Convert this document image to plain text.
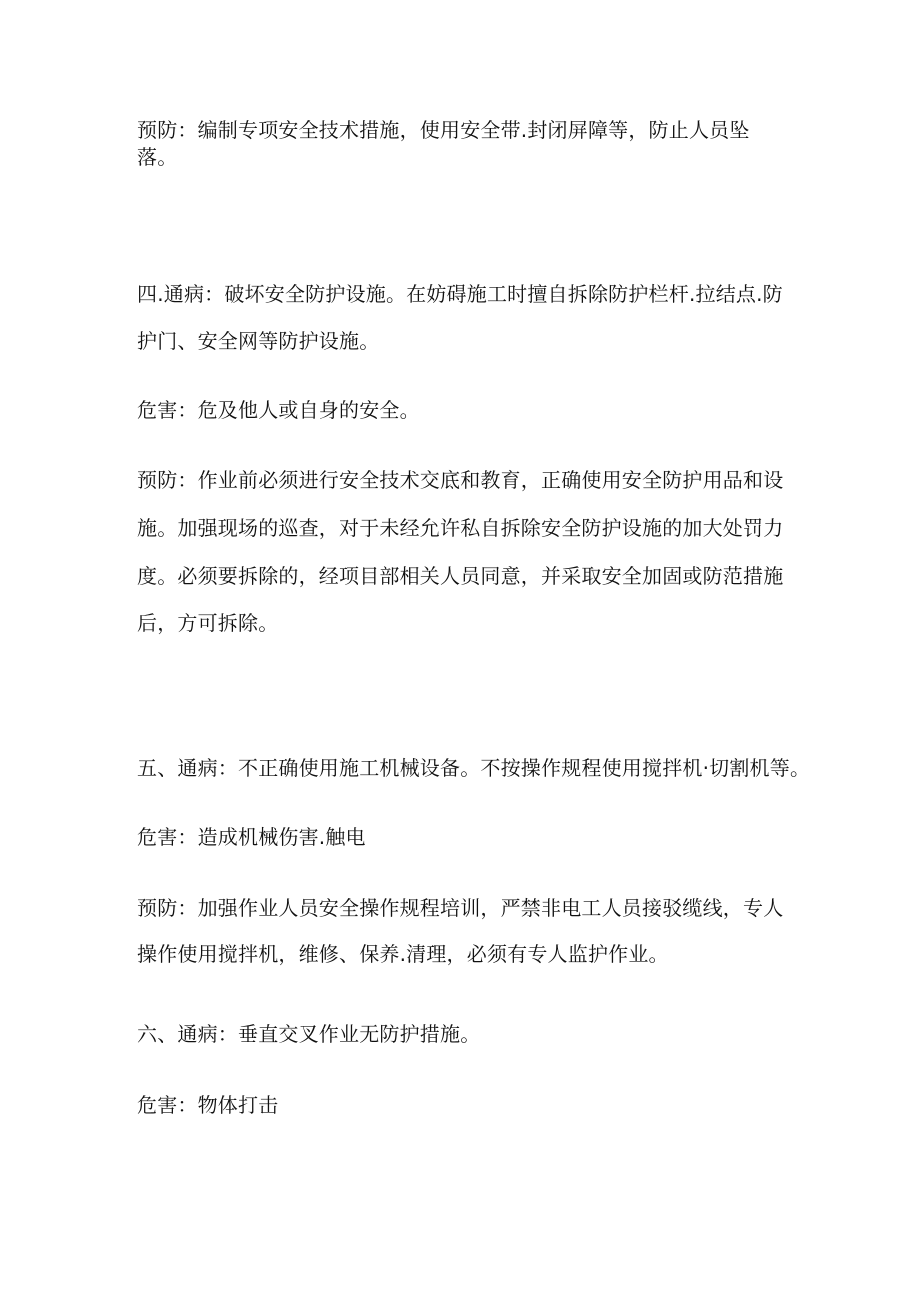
预防：编制专项安全技术措施，使用安全带.封闭屏障等，防止人员坠
落。
四.通病：破坏安全防护设施。在妨碍施工时擅自拆除防护栏杆.拉结点.防
护门、安全网等防护设施。
危害：危及他人或自身的安全。
预防：作业前必须进行安全技术交底和教育，正确使用安全防护用品和设
施。加强现场的巡查，对于未经允许私自拆除安全防护设施的加大处罚力
度。必须要拆除的，经项目部相关人员同意，并采取安全加固或防范措施
后，方可拆除。
五、通病：不正确使用施工机械设备。不按操作规程使用搅拌机·切割机等。
危害：造成机械伤害.触电
预防：加强作业人员安全操作规程培训，严禁非电工人员接驳缆线，专人
操作使用搅拌机，维修、保养.清理，必须有专人监护作业。
六、通病：垂直交叉作业无防护措施。
危害：物体打击
